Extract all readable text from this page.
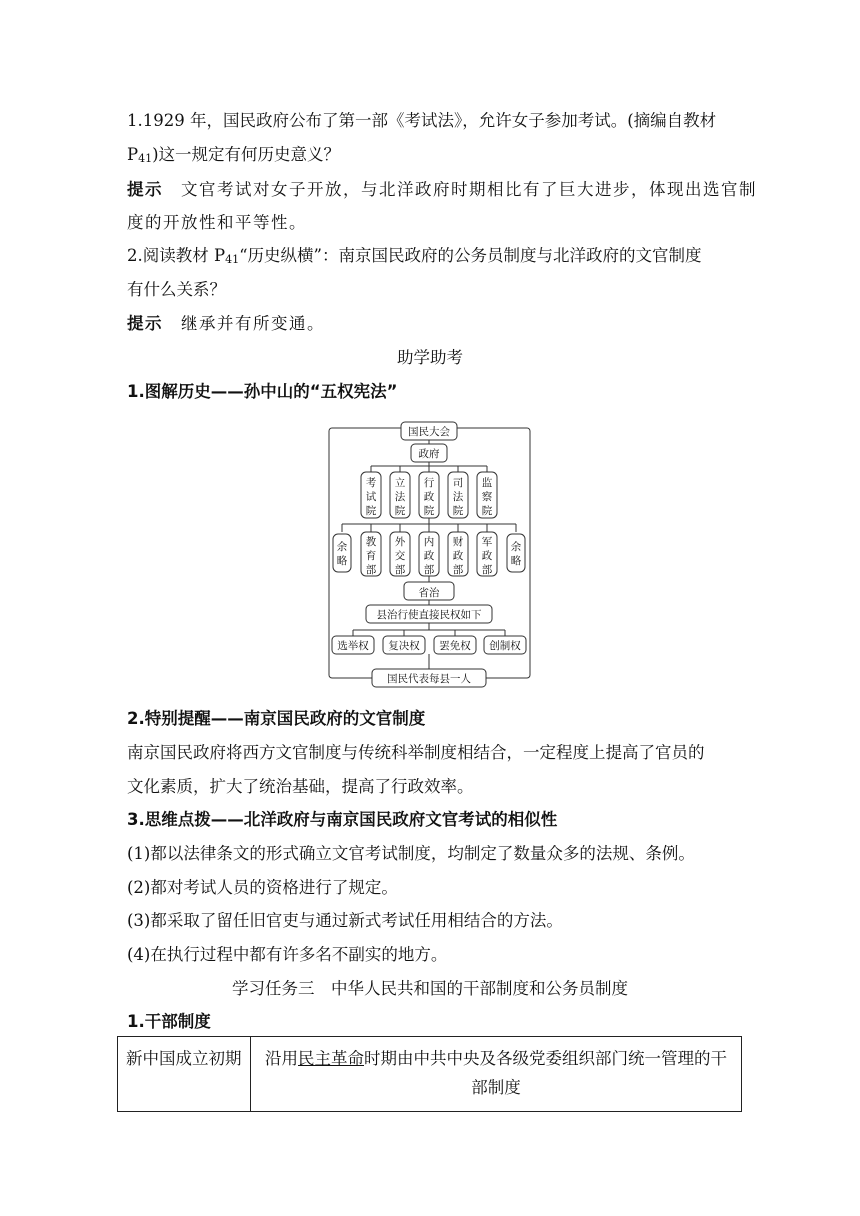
1.1929 年，国民政府公布了第一部《考试法》，允许女子参加考试。(摘编自教材
$P_{41}$)这一规定有何历史意义？
提示 文官考试对女子开放，与北洋政府时期相比有了巨大进步，体现出选官制
度的开放性和平等性。
2.阅读教材 $P_{41}“$历史纵横”：南京国民政府的公务员制度与北洋政府的文官制度
有什么关系？
提示 继承并有所变通。
助学助考
1.图解历史——孙中山的“五权宪法”
国民大会
政府
省治
县治行使直接民权如下
国民代表每县一人
考
试
院
立
法
院
行
政
院
司
法
院
监
察
院
余
略
教
育
部
外
交
部
内
政
部
财
政
部
军
政
部
余
略
选举权 复决权 罢免权 创制权
2.特别提醒——南京国民政府的文官制度
南京国民政府将西方文官制度与传统科举制度相结合，一定程度上提高了官员的
文化素质，扩大了统治基础，提高了行政效率。
3.思维点拨——北洋政府与南京国民政府文官考试的相似性
(1)都以法律条文的形式确立文官考试制度，均制定了数量众多的法规、条例。
(2)都对考试人员的资格进行了规定。
(3)都采取了留任旧官吏与通过新式考试任用相结合的方法。
(4)在执行过程中都有许多名不副实的地方。
学习任务三　中华人民共和国的干部制度和公务员制度
1.干部制度
新中国成立初期	沿用民主革命时期由中共中央及各级党委组织部门统一管理的干部制度
